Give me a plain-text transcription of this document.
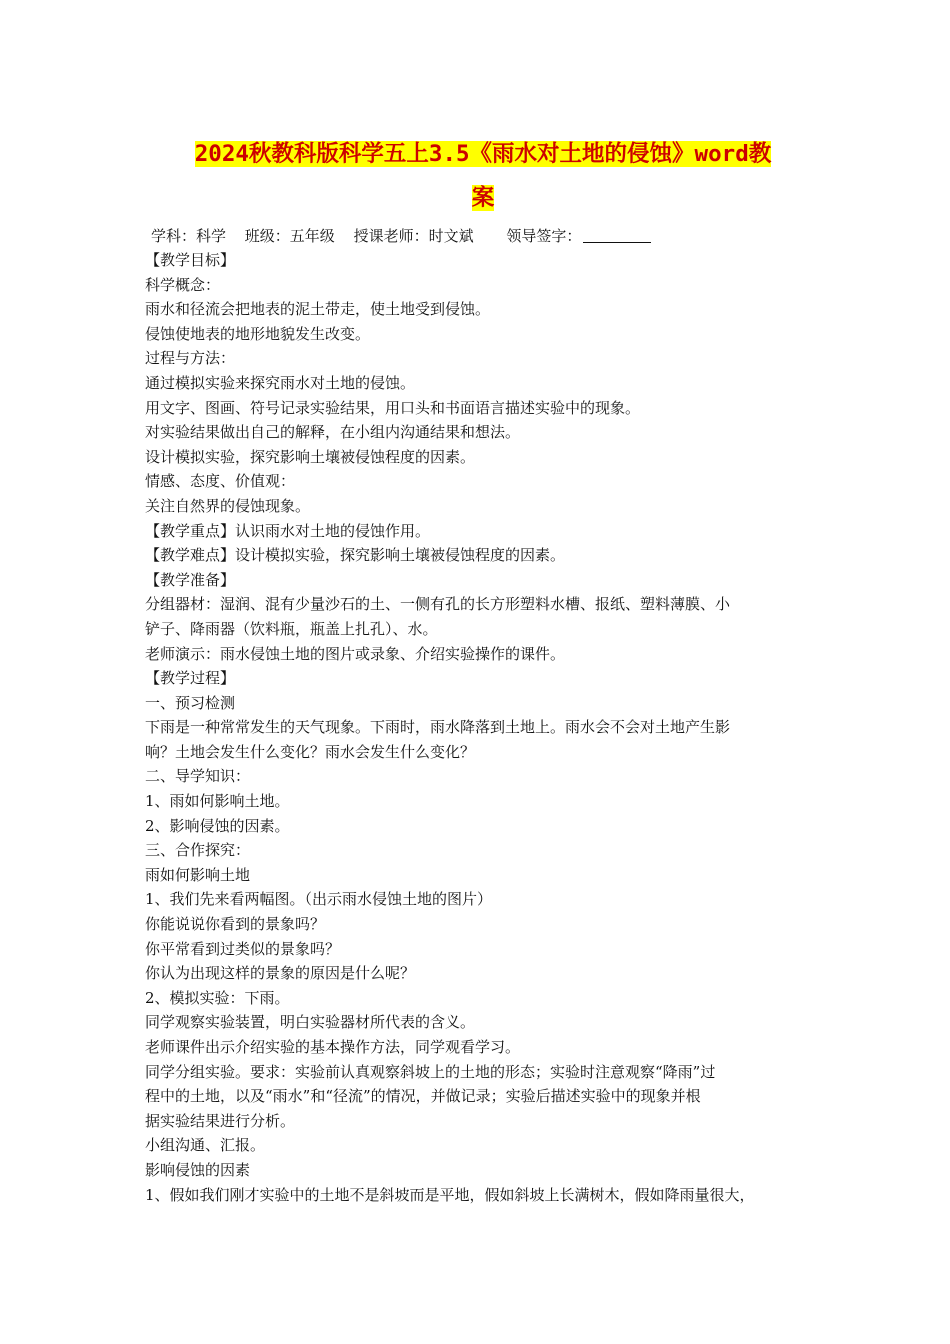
2024秋教科版科学五上3.5《雨水对土地的侵蚀》word教
案
学科：科学 班级：五年级 授课老师：时文斌 领导签字：
【教学目标】
科学概念：
雨水和径流会把地表的泥土带走，使土地受到侵蚀。
侵蚀使地表的地形地貌发生改变。
过程与方法：
通过模拟实验来探究雨水对土地的侵蚀。
用文字、图画、符号记录实验结果，用口头和书面语言描述实验中的现象。
对实验结果做出自己的解释，在小组内沟通结果和想法。
设计模拟实验，探究影响土壤被侵蚀程度的因素。
情感、态度、价值观：
关注自然界的侵蚀现象。
【教学重点】认识雨水对土地的侵蚀作用。
【教学难点】设计模拟实验，探究影响土壤被侵蚀程度的因素。
【教学准备】
分组器材：湿润、混有少量沙石的土、一侧有孔的长方形塑料水槽、报纸、塑料薄膜、小
铲子、降雨器（饮料瓶，瓶盖上扎孔）、水。
老师演示：雨水侵蚀土地的图片或录象、介绍实验操作的课件。
【教学过程】
一、预习检测
下雨是一种常常发生的天气现象。下雨时，雨水降落到土地上。雨水会不会对土地产生影
响？土地会发生什么变化？雨水会发生什么变化？
二、导学知识：
1、雨如何影响土地。
2、影响侵蚀的因素。
三、合作探究：
雨如何影响土地
1、我们先来看两幅图。（出示雨水侵蚀土地的图片）
你能说说你看到的景象吗？
你平常看到过类似的景象吗？
你认为出现这样的景象的原因是什么呢？
2、模拟实验：下雨。
同学观察实验装置，明白实验器材所代表的含义。
老师课件出示介绍实验的基本操作方法，同学观看学习。
同学分组实验。要求：实验前认真观察斜坡上的土地的形态；实验时注意观察“降雨”过
程中的土地，以及“雨水”和“径流”的情况，并做记录；实验后描述实验中的现象并根
据实验结果进行分析。
小组沟通、汇报。
影响侵蚀的因素
1、假如我们刚才实验中的土地不是斜坡而是平地，假如斜坡上长满树木，假如降雨量很大，
